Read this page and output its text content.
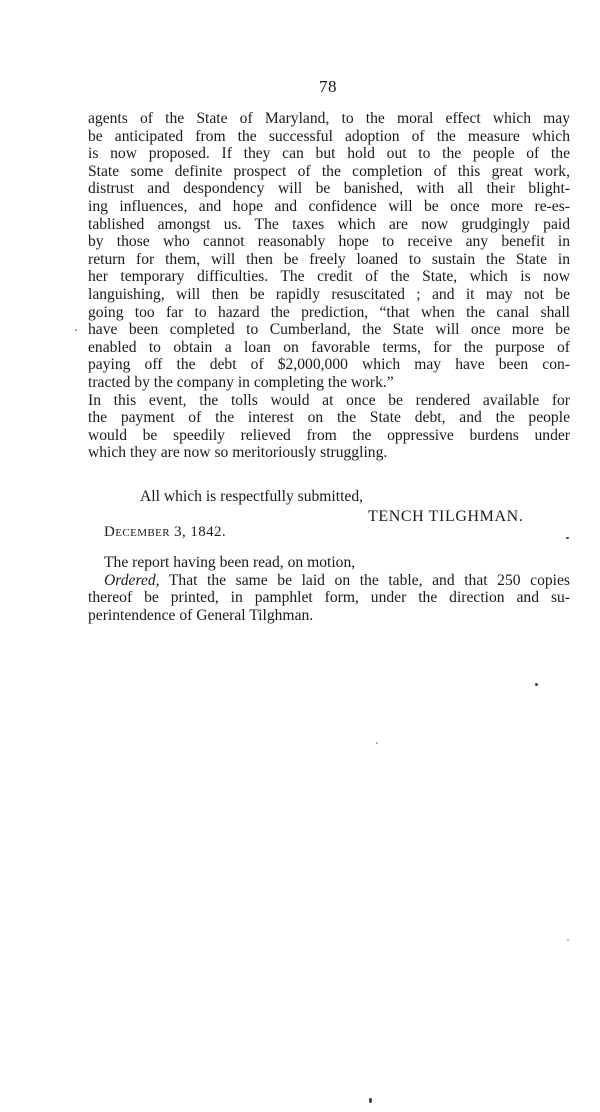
78
agents of the State of Maryland, to the moral effect which may
be anticipated from the successful adoption of the measure which
is now proposed. If they can but hold out to the people of the
State some definite prospect of the completion of this great work,
distrust and despondency will be banished, with all their blight-
ing influences, and hope and confidence will be once more re-es-
tablished amongst us. The taxes which are now grudgingly paid
by those who cannot reasonably hope to receive any benefit in
return for them, will then be freely loaned to sustain the State in
her temporary difficulties. The credit of the State, which is now
languishing, will then be rapidly resuscitated ; and it may not be
going too far to hazard the prediction, “that when the canal shall
have been completed to Cumberland, the State will once more be
enabled to obtain a loan on favorable terms, for the purpose of
paying off the debt of $2,000,000 which may have been con-
tracted by the company in completing the work.”
In this event, the tolls would at once be rendered available for
the payment of the interest on the State debt, and the people
would be speedily relieved from the oppressive burdens under
which they are now so meritoriously struggling.
All which is respectfully submitted,
TENCH TILGHMAN.
December 3, 1842.
The report having been read, on motion,
Ordered, That the same be laid on the table, and that 250 copies
thereof be printed, in pamphlet form, under the direction and su-
perintendence of General Tilghman.
